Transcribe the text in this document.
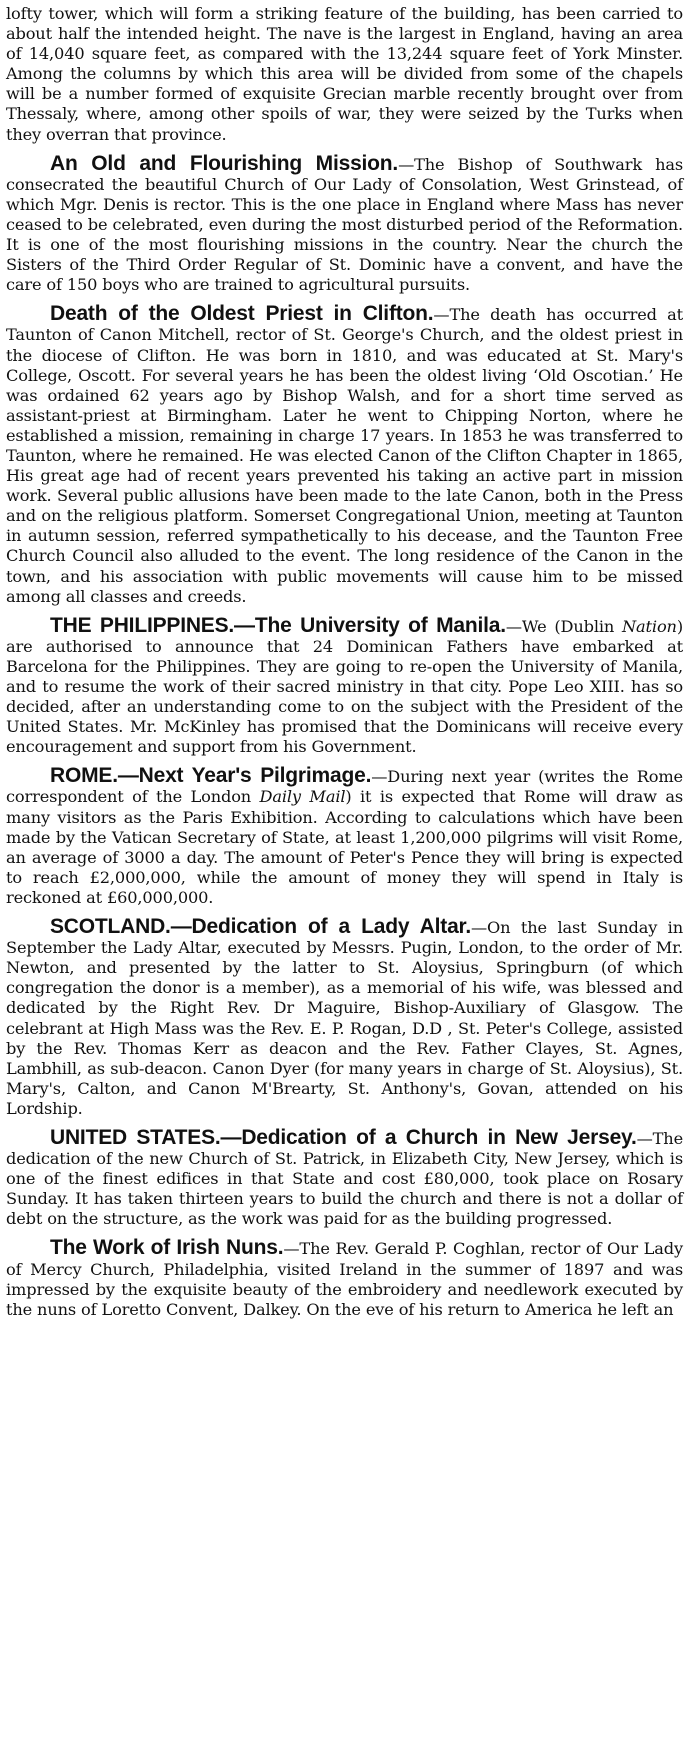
lofty tower, which will form a striking feature of the building, has been carried to about half the intended height. The nave is the largest in England, having an area of 14,040 square feet, as compared with the 13,244 square feet of York Minster. Among the columns by which this area will be divided from some of the chapels will be a number formed of exquisite Grecian marble recently brought over from Thessaly, where, among other spoils of war, they were seized by the Turks when they overran that province.

An Old and Flourishing Mission.—The Bishop of Southwark has consecrated the beautiful Church of Our Lady of Consolation, West Grinstead, of which Mgr. Denis is rector. This is the one place in England where Mass has never ceased to be celebrated, even during the most disturbed period of the Reformation. It is one of the most flourishing missions in the country. Near the church the Sisters of the Third Order Regular of St. Dominic have a convent, and have the care of 150 boys who are trained to agricultural pursuits.

Death of the Oldest Priest in Clifton.—The death has occurred at Taunton of Canon Mitchell, rector of St. George's Church, and the oldest priest in the diocese of Clifton. He was born in 1810, and was educated at St. Mary's College, Oscott. For several years he has been the oldest living ‘Old Oscotian.’ He was ordained 62 years ago by Bishop Walsh, and for a short time served as assistant-priest at Birmingham. Later he went to Chipping Norton, where he established a mission, remaining in charge 17 years. In 1853 he was transferred to Taunton, where he remained. He was elected Canon of the Clifton Chapter in 1865, His great age had of recent years prevented his taking an active part in mission work. Several public allusions have been made to the late Canon, both in the Press and on the religious platform. Somerset Congregational Union, meeting at Taunton in autumn session, referred sympathetically to his decease, and the Taunton Free Church Council also alluded to the event. The long residence of the Canon in the town, and his association with public movements will cause him to be missed among all classes and creeds.

THE PHILIPPINES.—The University of Manila.—We (Dublin Nation) are authorised to announce that 24 Dominican Fathers have embarked at Barcelona for the Philippines. They are going to re-open the University of Manila, and to resume the work of their sacred ministry in that city. Pope Leo XIII. has so decided, after an understanding come to on the subject with the President of the United States. Mr. McKinley has promised that the Dominicans will receive every encouragement and support from his Government.

ROME.—Next Year's Pilgrimage.—During next year (writes the Rome correspondent of the London Daily Mail) it is expected that Rome will draw as many visitors as the Paris Exhibition. According to calculations which have been made by the Vatican Secretary of State, at least 1,200,000 pilgrims will visit Rome, an average of 3000 a day. The amount of Peter's Pence they will bring is expected to reach £2,000,000, while the amount of money they will spend in Italy is reckoned at £60,000,000.

SCOTLAND.—Dedication of a Lady Altar.—On the last Sunday in September the Lady Altar, executed by Messrs. Pugin, London, to the order of Mr. Newton, and presented by the latter to St. Aloysius, Springburn (of which congregation the donor is a member), as a memorial of his wife, was blessed and dedicated by the Right Rev. Dr Maguire, Bishop-Auxiliary of Glasgow. The celebrant at High Mass was the Rev. E. P. Rogan, D.D , St. Peter's College, assisted by the Rev. Thomas Kerr as deacon and the Rev. Father Clayes, St. Agnes, Lambhill, as sub-deacon. Canon Dyer (for many years in charge of St. Aloysius), St. Mary's, Calton, and Canon M'Brearty, St. Anthony's, Govan, attended on his Lordship.

UNITED STATES.—Dedication of a Church in New Jersey.—The dedication of the new Church of St. Patrick, in Elizabeth City, New Jersey, which is one of the finest edifices in that State and cost £80,000, took place on Rosary Sunday. It has taken thirteen years to build the church and there is not a dollar of debt on the structure, as the work was paid for as the building progressed.

The Work of Irish Nuns.—The Rev. Gerald P. Coghlan, rector of Our Lady of Mercy Church, Philadelphia, visited Ireland in the summer of 1897 and was impressed by the exquisite beauty of the embroidery and needlework executed by the nuns of Loretto Convent, Dalkey. On the eve of his return to America he left an
